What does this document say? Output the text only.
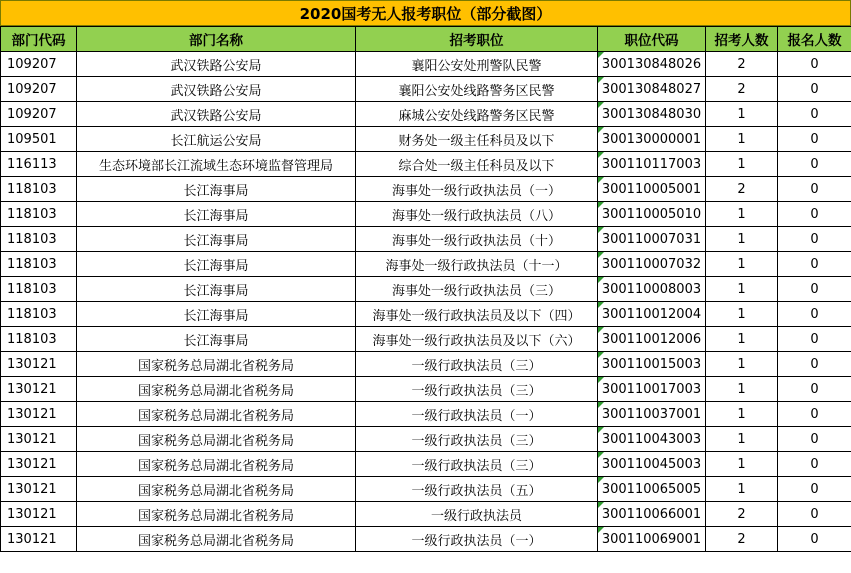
2020国考无人报考职位（部分截图）
部门代码	部门名称	招考职位	职位代码	招考人数	报名人数
109207	武汉铁路公安局	襄阳公安处刑警队民警	300130848026	2	0
109207	武汉铁路公安局	襄阳公安处线路警务区民警	300130848027	2	0
109207	武汉铁路公安局	麻城公安处线路警务区民警	300130848030	1	0
109501	长江航运公安局	财务处一级主任科员及以下	300130000001	1	0
116113	生态环境部长江流域生态环境监督管理局	综合处一级主任科员及以下	300110117003	1	0
118103	长江海事局	海事处一级行政执法员（一）	300110005001	2	0
118103	长江海事局	海事处一级行政执法员（八）	300110005010	1	0
118103	长江海事局	海事处一级行政执法员（十）	300110007031	1	0
118103	长江海事局	海事处一级行政执法员（十一）	300110007032	1	0
118103	长江海事局	海事处一级行政执法员（三）	300110008003	1	0
118103	长江海事局	海事处一级行政执法员及以下（四）	300110012004	1	0
118103	长江海事局	海事处一级行政执法员及以下（六）	300110012006	1	0
130121	国家税务总局湖北省税务局	一级行政执法员（三）	300110015003	1	0
130121	国家税务总局湖北省税务局	一级行政执法员（三）	300110017003	1	0
130121	国家税务总局湖北省税务局	一级行政执法员（一）	300110037001	1	0
130121	国家税务总局湖北省税务局	一级行政执法员（三）	300110043003	1	0
130121	国家税务总局湖北省税务局	一级行政执法员（三）	300110045003	1	0
130121	国家税务总局湖北省税务局	一级行政执法员（五）	300110065005	1	0
130121	国家税务总局湖北省税务局	一级行政执法员	300110066001	2	0
130121	国家税务总局湖北省税务局	一级行政执法员（一）	300110069001	2	0
